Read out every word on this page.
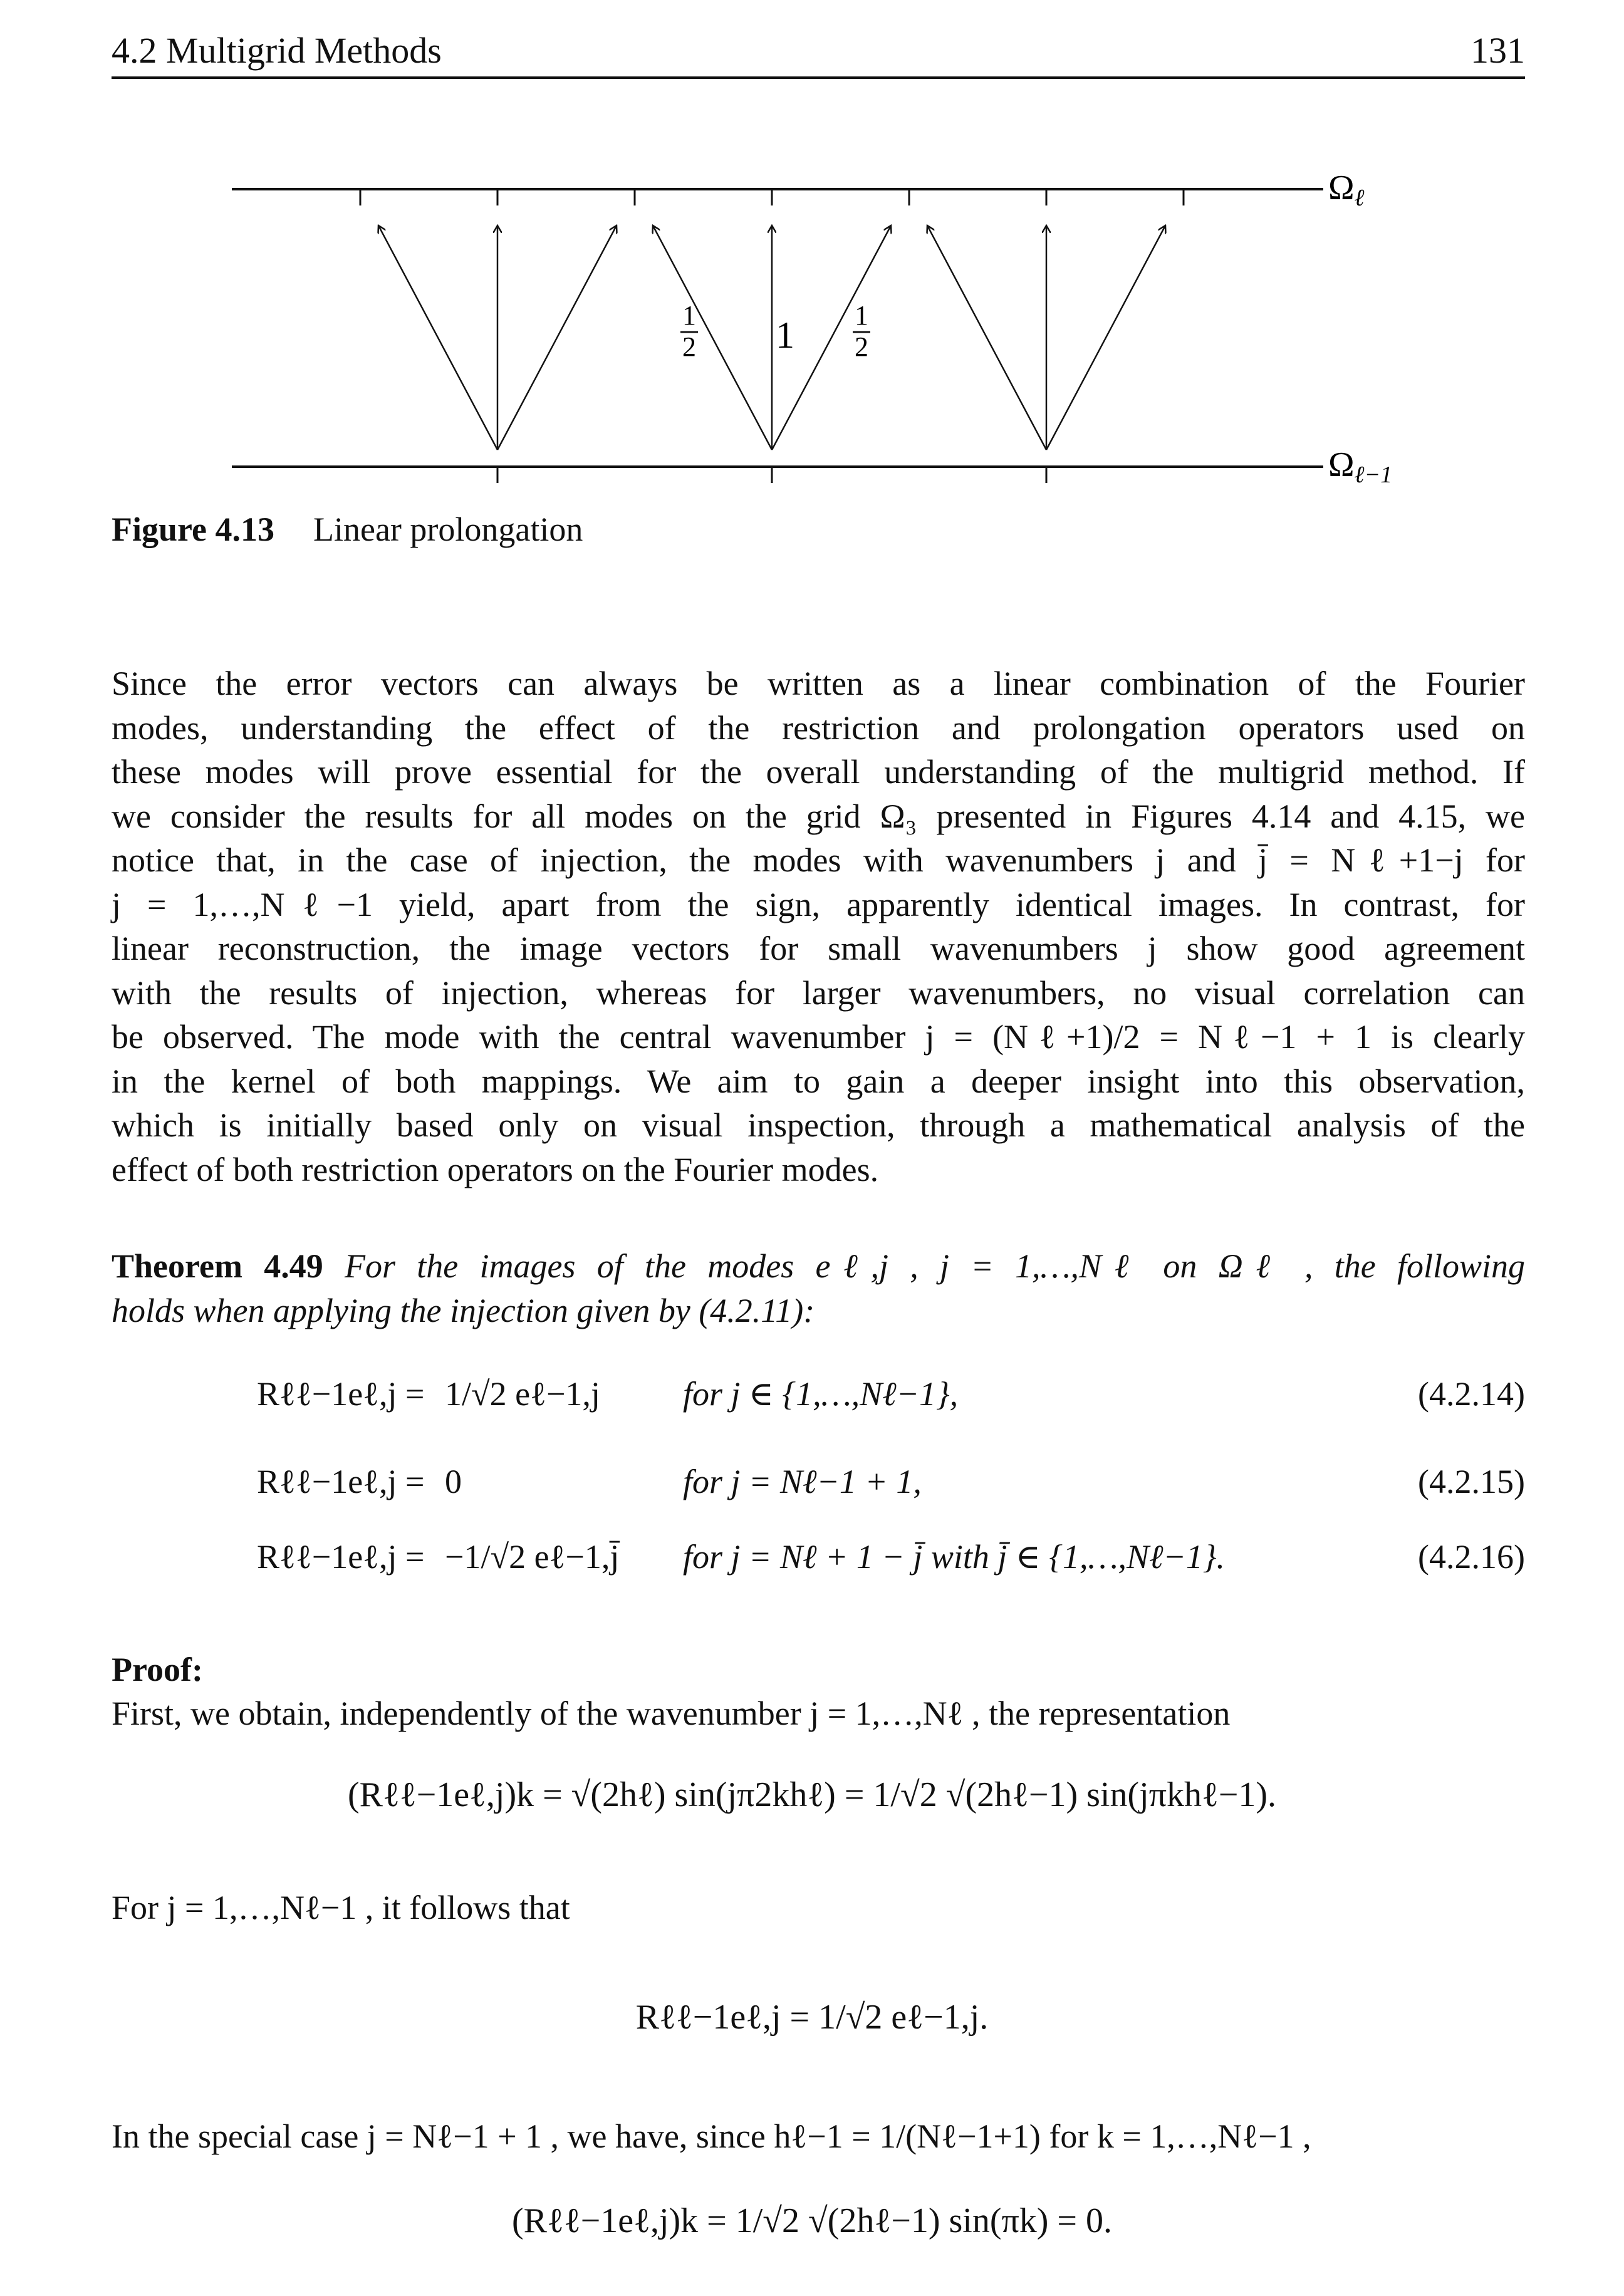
4.2 Multigrid Methods	131
Ωℓ
Ωℓ−1
1
2 1 1
2
Figure 4.13 Linear prolongation
Since the error vectors can always be written as a linear combination of the Fourier
modes, understanding the effect of the restriction and prolongation operators used on
these modes will prove essential for the overall understanding of the multigrid method. If
we consider the results for all modes on the grid Ω₃ presented in Figures 4.14 and 4.15, we
notice that, in the case of injection, the modes with wavenumbers j and j̄ = Nℓ+1−j for
j = 1,…,Nℓ−1 yield, apart from the sign, apparently identical images. In contrast, for
linear reconstruction, the image vectors for small wavenumbers j show good agreement
with the results of injection, whereas for larger wavenumbers, no visual correlation can
be observed. The mode with the central wavenumber j = (Nℓ+1)/2 = Nℓ−1 + 1 is clearly
in the kernel of both mappings. We aim to gain a deeper insight into this observation,
which is initially based only on visual inspection, through a mathematical analysis of the
effect of both restriction operators on the Fourier modes.
Theorem 4.49 For the images of the modes eℓ,j , j = 1,…,Nℓ on Ωℓ , the following
holds when applying the injection given by (4.2.11):
Rℓℓ−1eℓ,j = 1/√2 eℓ−1,j for j ∈ {1,…,Nℓ−1},	(4.2.14)
Rℓℓ−1eℓ,j = 0	for j = Nℓ−1 + 1,	(4.2.15)
Rℓℓ−1eℓ,j = −1/√2 eℓ−1,j̄ for j = Nℓ + 1 − j̄ with j̄ ∈ {1,…,Nℓ−1}.	(4.2.16)
Proof:
First, we obtain, independently of the wavenumber j = 1,…,Nℓ , the representation
(Rℓℓ−1eℓ,j)k = √(2hℓ) sin(jπ2khℓ) = 1/√2 √(2hℓ−1) sin(jπkhℓ−1).
For j = 1,…,Nℓ−1 , it follows that
Rℓℓ−1eℓ,j = 1/√2 eℓ−1,j.
In the special case j = Nℓ−1 + 1 , we have, since hℓ−1 = 1/(Nℓ−1+1) for k = 1,…,Nℓ−1 ,
(Rℓℓ−1eℓ,j)k = 1/√2 √(2hℓ−1) sin(πk) = 0.
